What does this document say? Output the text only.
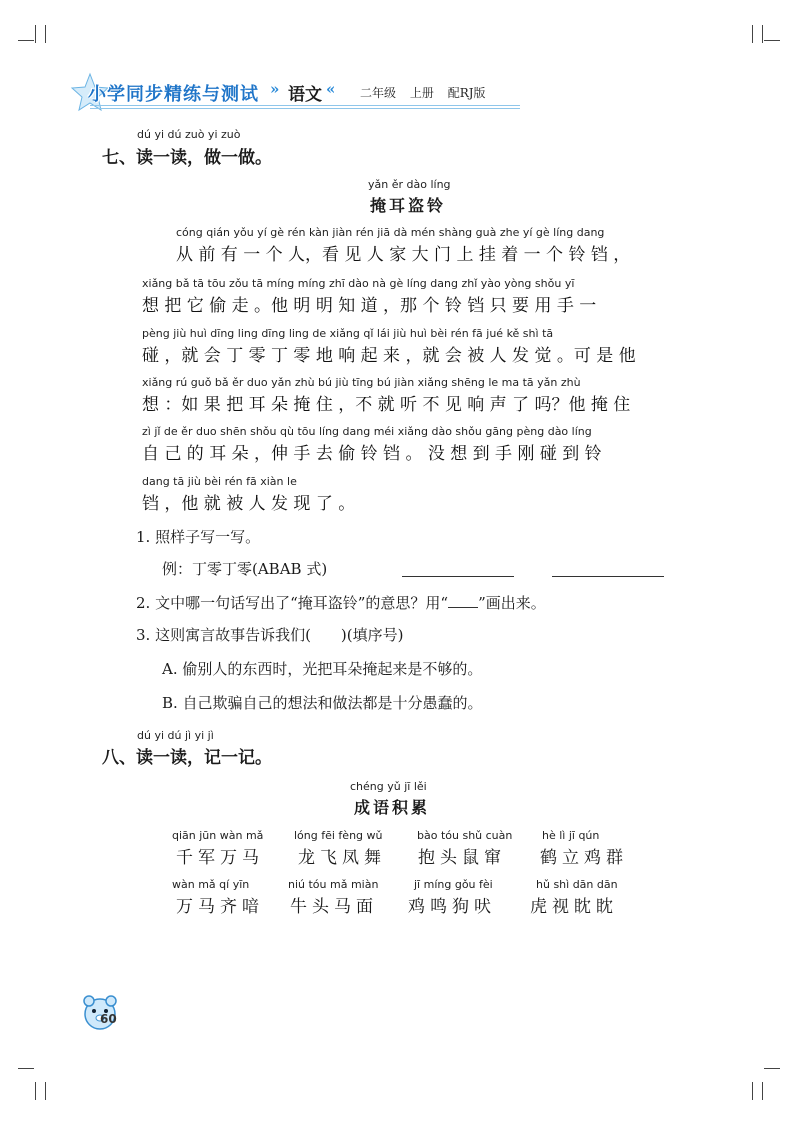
小学同步精练与测试 » 语文 « 二年级 上册 配RJ版
dú yi dú zuò yi zuò
七、读一读，做一做。
yǎn ěr dào líng
掩耳盗铃
cóng qián yǒu yí gè rén kàn jiàn rén jiā dà mén shàng guà zhe yí gè líng dang
从 前 有 一 个 人，看 见 人 家 大 门 上 挂 着 一 个 铃 铛 ，
xiǎng bǎ tā tōu zǒu tā míng míng zhī dào nà gè líng dang zhǐ yào yòng shǒu yī
想 把 它 偷 走 。他 明 明 知 道 ，那 个 铃 铛 只 要 用 手 一
pèng jiù huì dīng ling dīng ling de xiǎng qǐ lái jiù huì bèi rén fā jué kě shì tā
碰 ，就 会 丁 零 丁 零 地 响 起 来 ，就 会 被 人 发 觉 。可 是 他
xiǎng rú guǒ bǎ ěr duo yǎn zhù bú jiù tīng bú jiàn xiǎng shēng le ma tā yǎn zhù
想 ：如 果 把 耳 朵 掩 住 ，不 就 听 不 见 响 声 了 吗？他 掩 住
zì jǐ de ěr duo shēn shǒu qù tōu líng dang méi xiǎng dào shǒu gāng pèng dào líng
自 己 的 耳 朵 ，伸 手 去 偷 铃 铛 。 没 想 到 手 刚 碰 到 铃
dang tā jiù bèi rén fā xiàn le
铛 ，他 就 被 人 发 现 了 。
1. 照样子写一写。
例：丁零丁零(ABAB 式)
2. 文中哪一句话写出了“掩耳盗铃”的意思？用“ ”画出来。
3. 这则寓言故事告诉我们(　　)(填序号)
A. 偷别人的东西时，光把耳朵掩起来是不够的。
B. 自己欺骗自己的想法和做法都是十分愚蠢的。
dú yi dú jì yi jì
八、读一读，记一记。
chéng yǔ jī lěi
成语积累
qiān jūn wàn mǎ
千军万马
lóng fēi fèng wǔ
龙飞凤舞
bào tóu shǔ cuàn
抱头鼠窜
hè lì jī qún
鹤立鸡群
wàn mǎ qí yīn
万马齐喑
niú tóu mǎ miàn
牛头马面
jī míng gǒu fèi
鸡鸣狗吠
hǔ shì dān dān
虎视眈眈
60
